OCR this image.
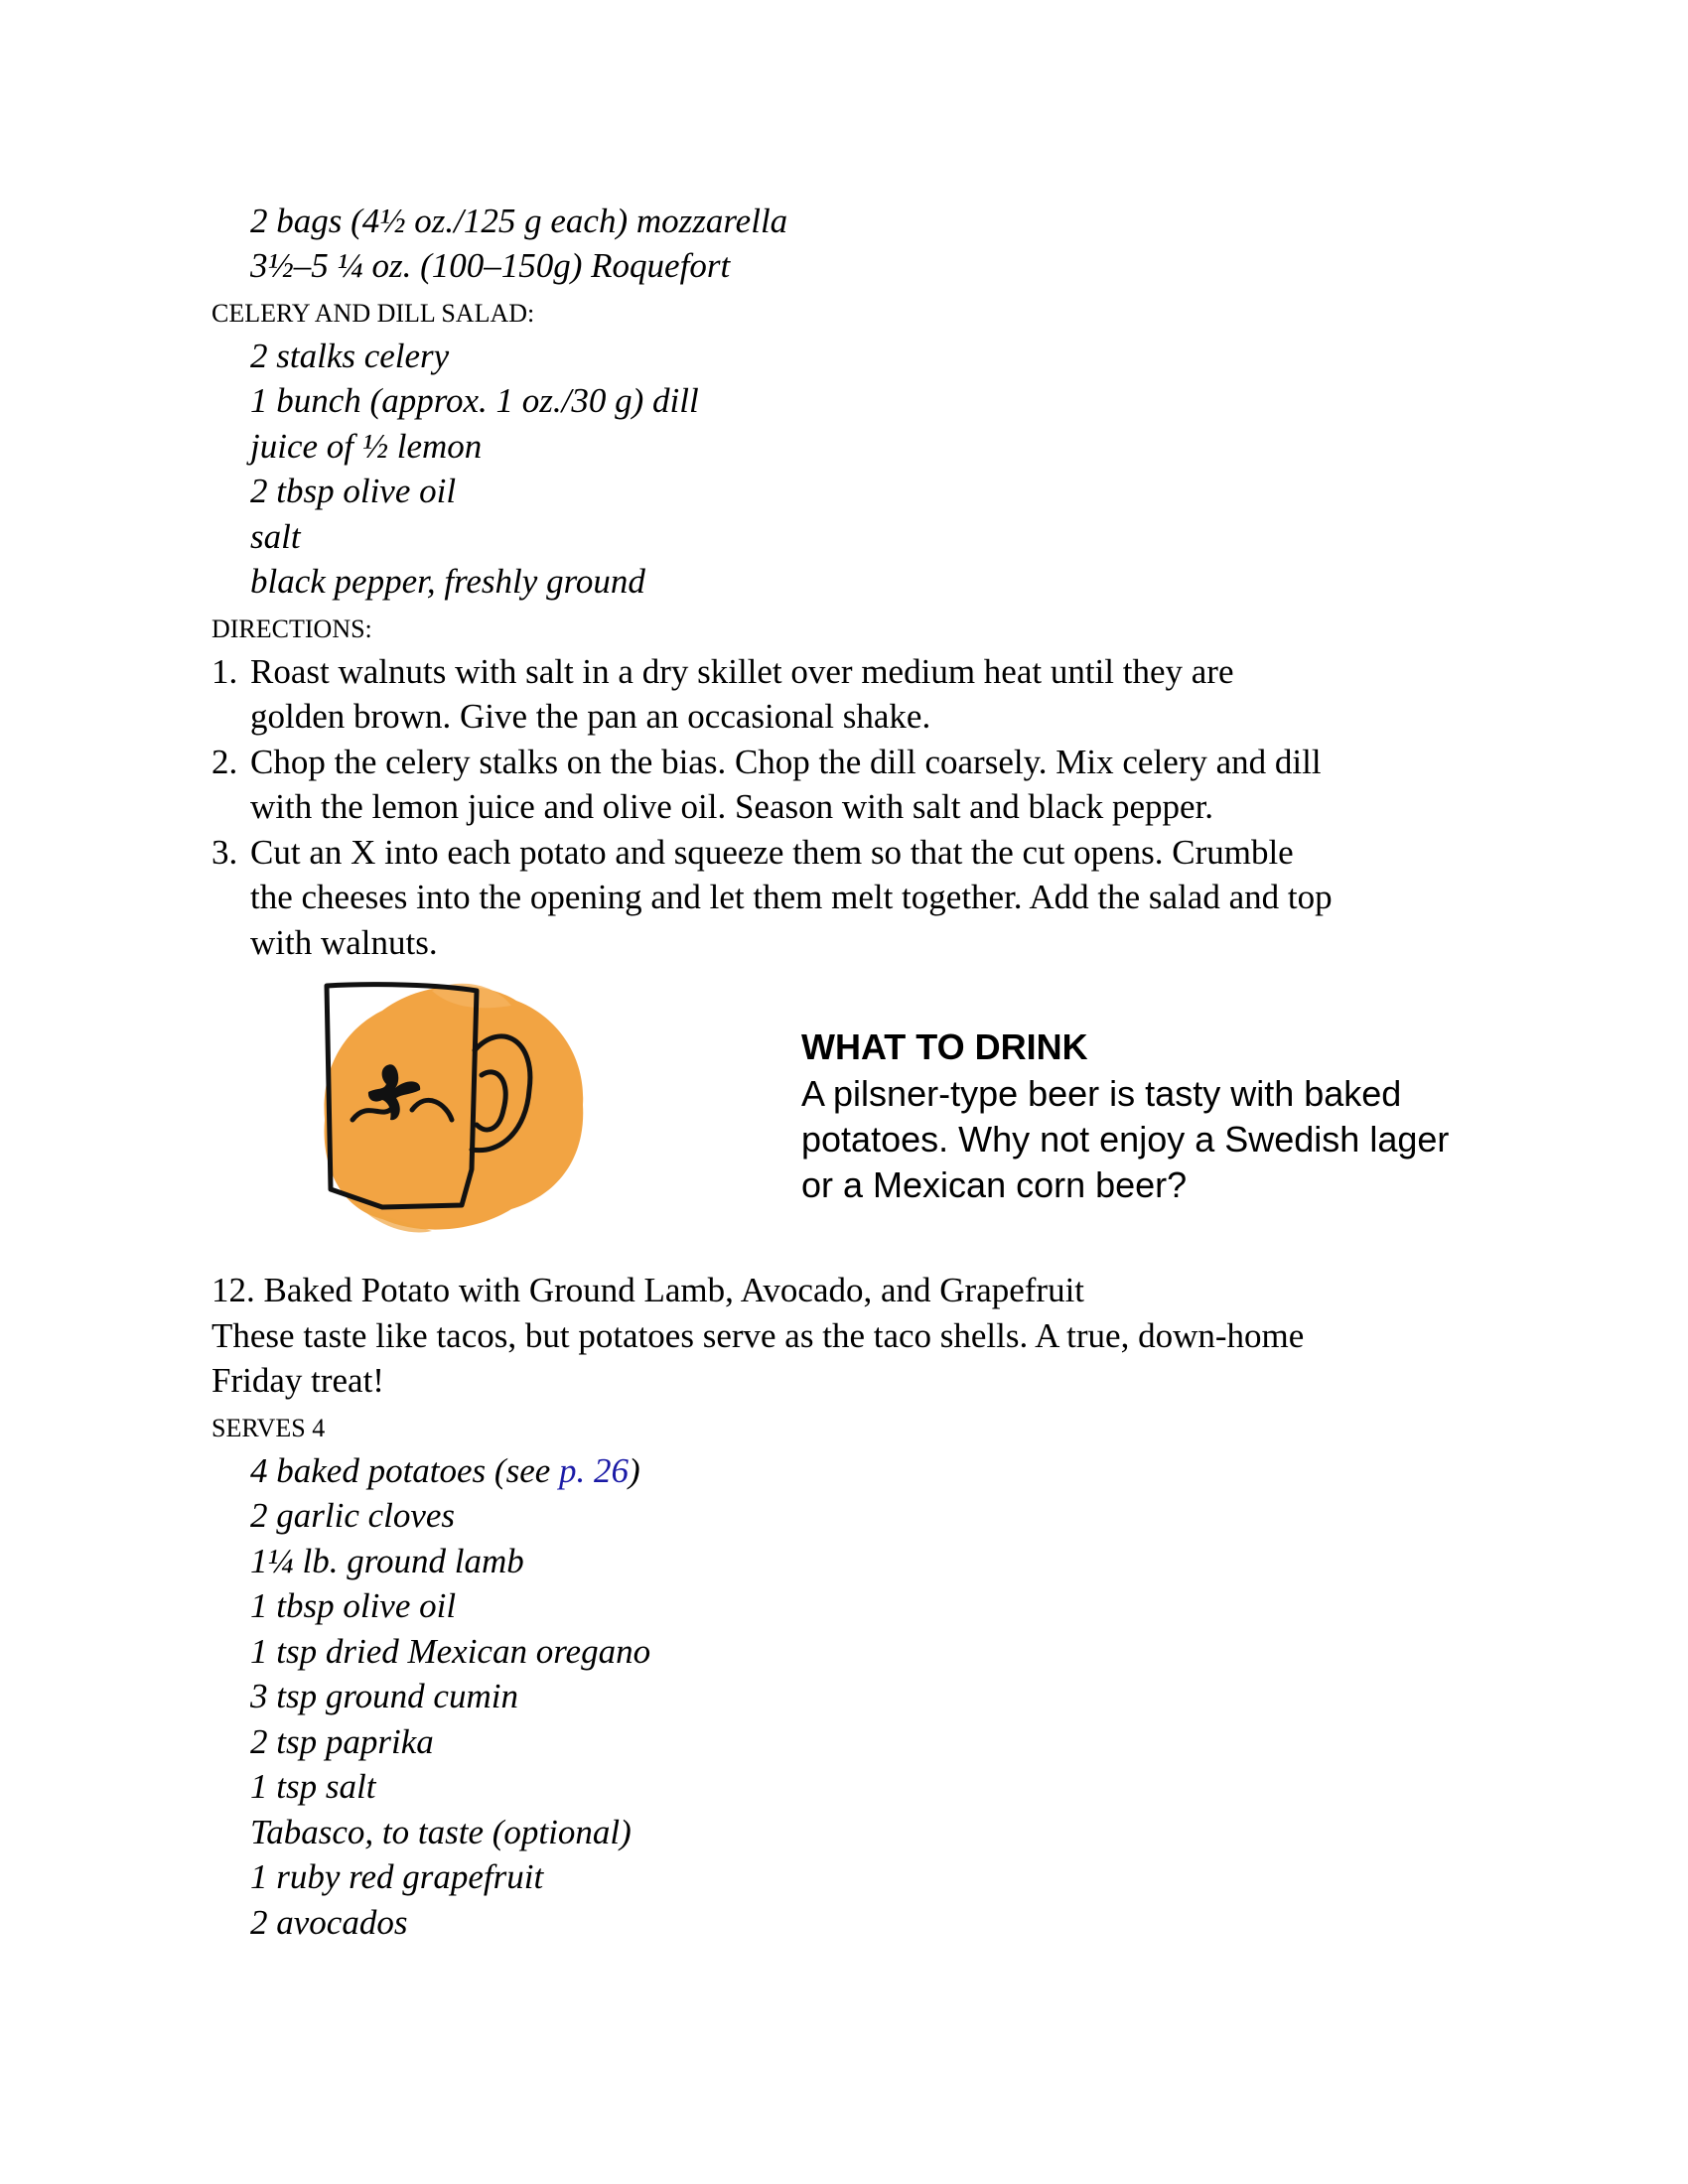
2 bags (4½ oz./125 g each) mozzarella
3½–5 ¼ oz. (100–150g) Roquefort
CELERY AND DILL SALAD:
2 stalks celery
1 bunch (approx. 1 oz./30 g) dill
juice of ½ lemon
2 tbsp olive oil
salt
black pepper, freshly ground
DIRECTIONS:
1. Roast walnuts with salt in a dry skillet over medium heat until they are
golden brown. Give the pan an occasional shake.
2. Chop the celery stalks on the bias. Chop the dill coarsely. Mix celery and dill
with the lemon juice and olive oil. Season with salt and black pepper.
3. Cut an X into each potato and squeeze them so that the cut opens. Crumble
the cheeses into the opening and let them melt together. Add the salad and top
with walnuts.
WHAT TO DRINK
A pilsner-type beer is tasty with baked
potatoes. Why not enjoy a Swedish lager
or a Mexican corn beer?
12. Baked Potato with Ground Lamb, Avocado, and Grapefruit
These taste like tacos, but potatoes serve as the taco shells. A true, down-home
Friday treat!
SERVES 4
4 baked potatoes (see p. 26)
2 garlic cloves
1¼ lb. ground lamb
1 tbsp olive oil
1 tsp dried Mexican oregano
3 tsp ground cumin
2 tsp paprika
1 tsp salt
Tabasco, to taste (optional)
1 ruby red grapefruit
2 avocados
